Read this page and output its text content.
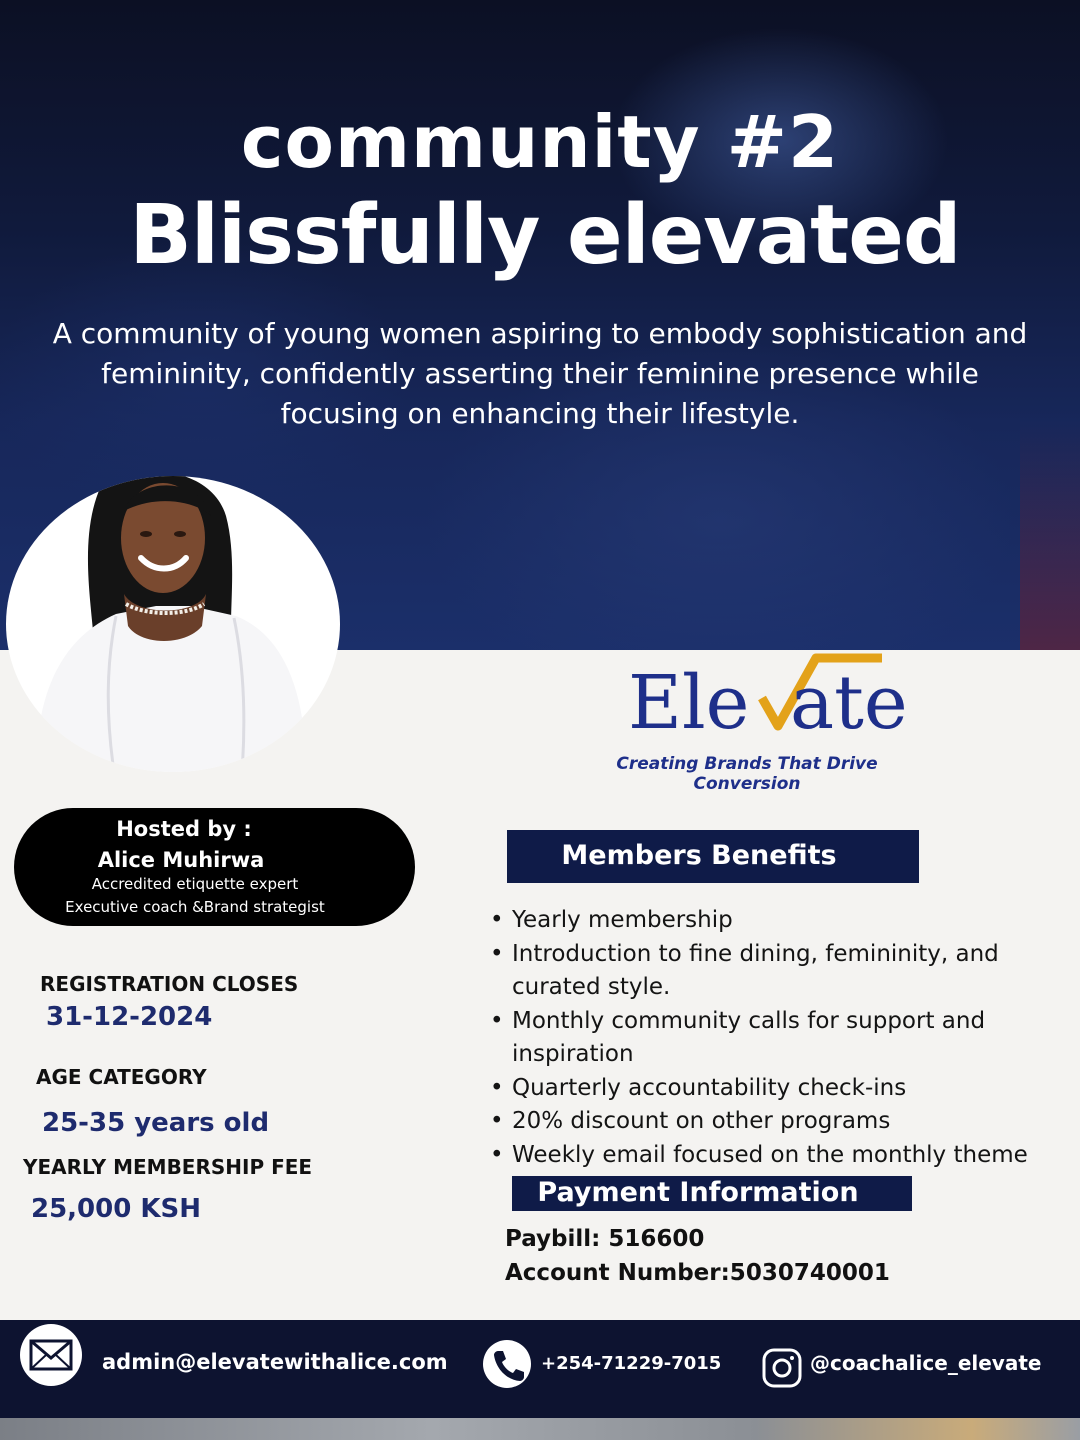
community #2
Blissfully elevated
A community of young women aspiring to embody sophistication and femininity, confidently asserting their feminine presence while focusing on enhancing their lifestyle.
Ele ate
Creating Brands That Drive Conversion
Hosted by :
Alice Muhirwa
Accredited etiquette expert
Executive coach &Brand strategist
REGISTRATION CLOSES
31-12-2024
AGE CATEGORY
25-35 years old
YEARLY MEMBERSHIP FEE
25,000 KSH
Members Benefits
• Yearly membership
• Introduction to fine dining, femininity, and curated style.
• Monthly community calls for support and inspiration
• Quarterly accountability check-ins
• 20% discount on other programs
• Weekly email focused on the monthly theme
Payment Information
Paybill: 516600
Account Number:5030740001
admin@elevatewithalice.com	+254-71229-7015	@coachalice_elevate
